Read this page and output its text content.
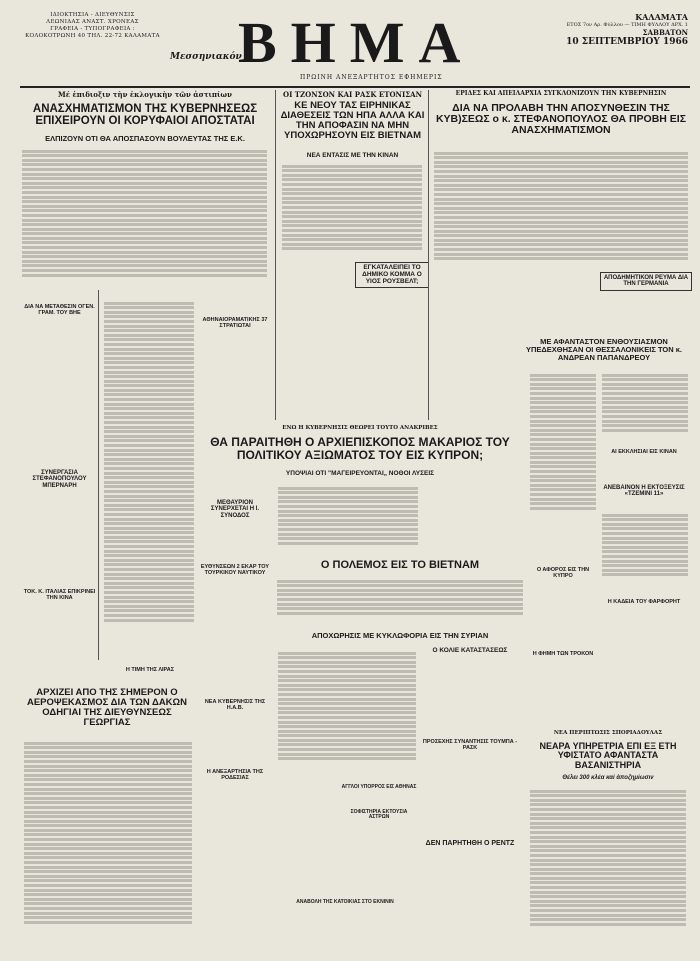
ΙΔΙΟΚΤΗΣΙΑ - ΔΙΕΥΘΥΝΣΙΣ
ΛΕΩΝΙΔΑΣ ΑΝΑΣΤ. ΧΡΟΝΕΑΣ
ΓΡΑΦΕΙΑ - ΤΥΠΟΓΡΑΦΕΙΑ :
ΚΟΛΟΚΟΤΡΩΝΗ 40 ΤΗΛ. 22-72 ΚΑΛΑΜΑΤΑ
Μεσσηνιακόν
ΒΗΜΑ
ΠΡΩΙΝΗ ΑΝΕΞΑΡΤΗΤΟΣ ΕΦΗΜΕΡΙΣ
ΚΑΛΑΜΑΤΑ
ΕΤΟΣ 7ον Αρ. Φύλλου — ΤΙΜΗ ΦΥΛΛΟΥ ΔΡΧ. 1
ΣΑΒΒΑΤΟΝ
10 ΣΕΠΤΕΜΒΡΙΟΥ 1966
Μέ ἐπιδιοξιν τὴν ἐκλογικὴν τῶν ἀστιπίων
ΑΝΑΣΧΗΜΑΤΙΣΜΟΝ ΤΗΣ ΚΥΒΕΡΝΗΣΕΩΣ ΕΠΙΧΕΙΡΟΥΝ ΟΙ ΚΟΡΥΦΑΙΟΙ ΑΠΟΣΤΑΤΑΙ
ΕΛΠΙΖΟΥΝ ΟΤΙ ΘΑ ΑΠΟΣΠΑΣΟΥΝ ΒΟΥΛΕΥΤΑΣ ΤΗΣ Ε.Κ.
ΟΙ ΤΖΟΝΣΟΝ ΚΑΙ ΡΑΣΚ ΕΤΟΝΙΣΑΝ
ΚΕ ΝΕΟΥ ΤΑΣ ΕΙΡΗΝΙΚΑΣ ΔΙΑΘΕΣΕΙΣ ΤΩΝ ΗΠΑ ΑΛΛΑ ΚΑΙ ΤΗΝ ΑΠΟΦΑΣΙΝ ΝΑ ΜΗΝ ΥΠΟΧΩΡΗΣΟΥΝ ΕΙΣ ΒΙΕΤΝΑΜ
ΝΕΑ ΕΝΤΑΣΙΣ ΜΕ ΤΗΝ ΚΙΝΑΝ
ΕΓΚΑΤΑΛΕΙΠΕΙ ΤΟ ΔΗΜΙΚΟ ΚΟΜΜΑ Ο ΥΙΟΣ ΡΟΥΣΒΕΛΤ;
ΕΡΙΔΕΣ ΚΑΙ ΑΠΕΙΛΑΡΧΙΑ ΣΥΓΚΛΟΝΙΖΟΥΝ ΤΗΝ ΚΥΒΕΡΝΗΣΙΝ
ΔΙΑ ΝΑ ΠΡΟΛΑΒΗ ΤΗΝ ΑΠΟΣΥΝΘΕΣΙΝ ΤΗΣ ΚΥΒ)ΣΕΩΣ ο κ. ΣΤΕΦΑΝΟΠΟΥΛΟΣ ΘΑ ΠΡΟΒΗ ΕΙΣ ΑΝΑΣΧΗΜΑΤΙΣΜΟΝ
ΑΠΟΔΗΜΗΤΙΚΟΝ ΡΕΥΜΑ ΔΙΑ ΤΗΝ ΓΕΡΜΑΝΙΑ
ΜΕ ΑΦΑΝΤΑΣΤΟΝ ΕΝΘΟΥΣΙΑΣΜΟΝ ΥΠΕΔΕΧΘΗΣΑΝ ΟΙ ΘΕΣΣΑΛΟΝΙΚΕΙΣ ΤΟΝ κ. ΑΝΔΡΕΑΝ ΠΑΠΑΝΔΡΕΟΥ
ΔΙΑ ΝΑ ΜΕΤΑΘΕΣΙΝ ΟΓΕΝ. ΓΡΑΜ. ΤΟΥ ΒΗΕ
ΣΥΝΕΡΓΑΣΙΑ ΣΤΕΦΑΝΟΠΟΥΛΟΥ ΜΠΕΡΝΑΡΗ
ΤΟΚ. Κ. ΙΤΑΛΙΑΣ ΕΠΙΚΡΙΝΕΙ ΤΗΝ ΚΙΝΑ
ΑΘΗΝΑΙΟΡΑΜΑΤΙΚΗΣ 37 ΣΤΡΑΤΙΩΤΑΙ
ΕΝΩ Η ΚΥΒΕΡΝΗΣΙΣ ΘΕΩΡΕΙ ΤΟΥΤΟ ΑΝΑΚΡΙΒΕΣ
ΘΑ ΠΑΡΑΙΤΗΘΗ Ο ΑΡΧΙΕΠΙΣΚΟΠΟΣ ΜΑΚΑΡΙΟΣ ΤΟΥ ΠΟΛΙΤΙΚΟΥ ΑΞΙΩΜΑΤΟΣ ΤΟΥ ΕΙΣ ΚΥΠΡΟΝ;
ΥΠΟΨΙΑΙ ΟΤΙ "ΜΑΓΕΙΡΕΥΟΝΤΑΙ„ ΝΟΘΟΙ ΛΥΣΕΙΣ
ΜΕΘΑΥΡΙΟΝ ΣΥΝΕΡΧΕΤΑΙ Η Ι. ΣΥΝΟΔΟΣ
ΕΥΘΥΝΣΕΩΝ 2 ΕΚΑΡ ΤΟΥ ΤΟΥΡΚΙΚΟΥ ΝΑΥΤΙΚΟΥ
Η ΤΙΜΗ ΤΗΣ ΛΙΡΑΣ
ΝΕΑ ΚΥΒΕΡΝΗΣΙΣ ΤΗΣ Η.Α.Β.
Η ΑΝΕΞΑΡΤΗΣΙΑ ΤΗΣ ΡΟΔΕΣΙΑΣ
ΑΡΧΙΖΕΙ ΑΠΟ ΤΗΣ ΣΗΜΕΡΟΝ Ο ΑΕΡΟΨΕΚΑΣΜΟΣ ΔΙΑ ΤΩΝ ΔΑΚΩΝ ΟΔΗΓΙΑΙ ΤΗΣ ΔΙΕΥΘΥΝΣΕΩΣ ΓΕΩΡΓΙΑΣ
Ο ΠΟΛΕΜΟΣ ΕΙΣ ΤΟ ΒΙΕΤΝΑΜ
ΑΠΟΧΩΡΗΣΙΣ ΜΕ ΚΥΚΛΩΦΟΡΙΑ ΕΙΣ ΤΗΝ ΣΥΡΙΑΝ
Ο ΚΟΛΙΕ ΚΑΤΑΣΤΑΣΕΩΣ
ΠΡΟΣΕΧΗΣ ΣΥΝΑΝΤΗΣΙΣ ΤΟΥΜΠΑ - ΡΑΣΚ
ΔΕΝ ΠΑΡΗΤΗΘΗ Ο ΡΕΝΤΖ
ΑΓΓΛΟΙ ΥΠΟΡΡΟΣ ΕΙΣ ΑΘΗΝΑΣ
ΣΟΦΙΣΤΗΡΙΑ ΕΚΤΟΥΣΙΑ ΑΣΤΡΩΝ
ΑΝΑΒΟΛΗ ΤΗΣ ΚΑΤΟΙΚΙΑΣ ΣΤΟ ΕΚΝΙΝΙΝ
ΑΙ ΕΚΚΛΗΣΙΑΙ ΕΙΣ ΚΙΝΑΝ
ΑΝΕΒΑΙΝΟΝ Η ΕΚΤΟΞΕΥΣΙΣ «ΤΖΕΜΙΝΙ 11»
Η ΚΑΔΕΙΑ ΤΟΥ ΦΑΡΦΟΡΗΤ
Ο ΑΦΟΡΟΣ ΕΙΣ ΤΗΝ ΚΥΠΡΟ
Η ΦΗΜΗ ΤΩΝ ΤΡΟΚΟΝ
ΝΕΑ ΠΕΡΙΠΤΩΣΙΣ ΣΠΟΡΙΑΔΟΥΛΑΣ
ΝΕΑΡΑ ΥΠΗΡΕΤΡΙΑ ΕΠΙ ΕΞ ΕΤΗ ΥΦΙΣΤΑΤΟ ΑΦΑΝΤΑΣΤΑ ΒΑΣΑΝΙΣΤΗΡΙΑ
Θέλει 300 κλέα καί ἀποζημίωσιν
